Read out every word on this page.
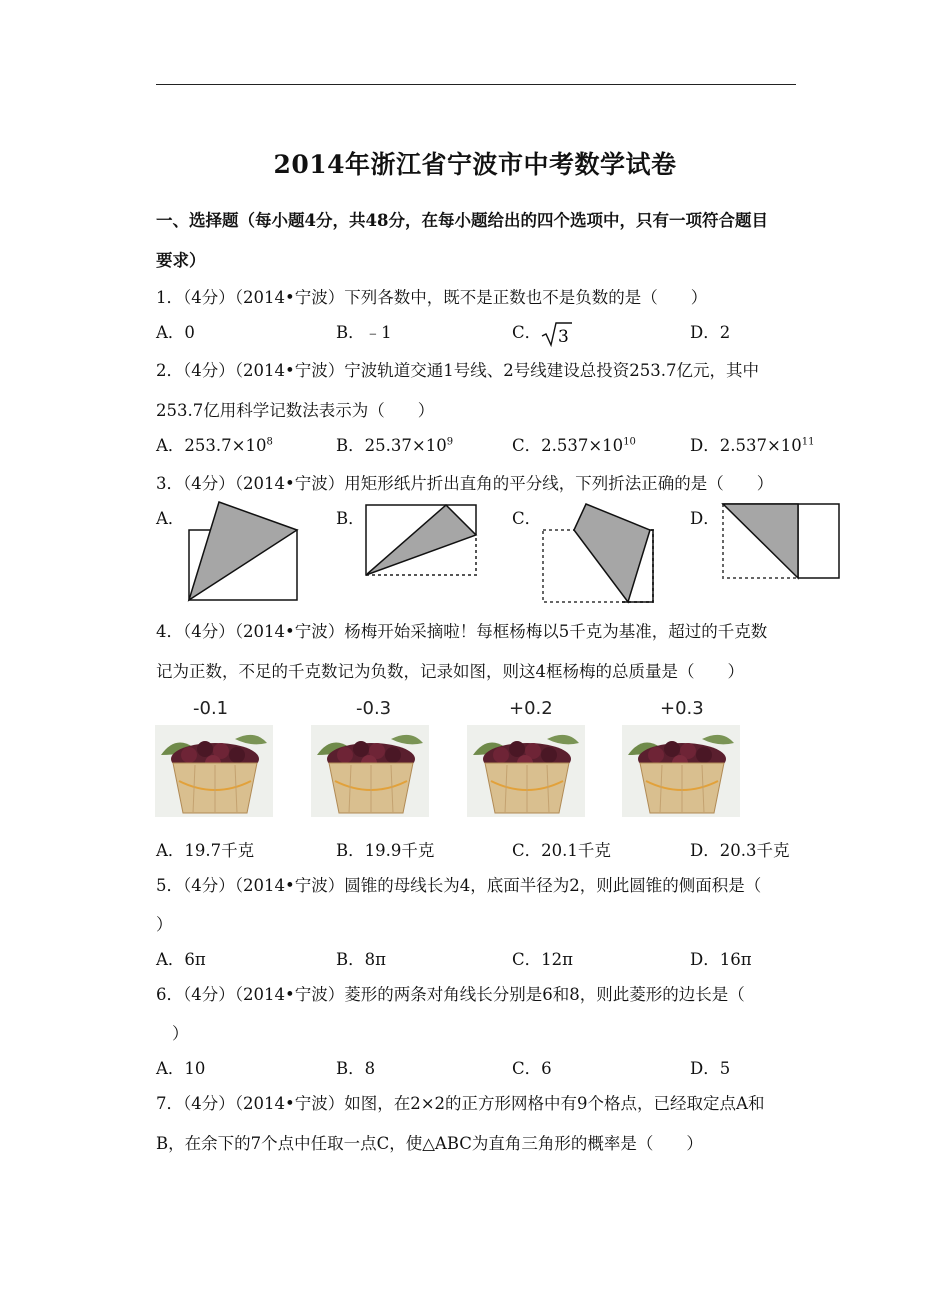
2014年浙江省宁波市中考数学试卷
一、选择题（每小题4分，共48分，在每小题给出的四个选项中，只有一项符合题目
要求）
1．（4分）（2014•宁波）下列各数中，既不是正数也不是负数的是（　　）
A．0	B．﹣1	C． 3	D．2
2．（4分）（2014•宁波）宁波轨道交通1号线、2号线建设总投资253.7亿元，其中
253.7亿用科学记数法表示为（　　）
A．$253.7\times 10^8$	B．$25.37\times 10^9$	C．$2.537\times 10^{10}$	D．$2.537\times 10^{11}$
3．（4分）（2014•宁波）用矩形纸片折出直角的平分线，下列折法正确的是（　　）
A．	B．	C．	D．
4．（4分）（2014•宁波）杨梅开始采摘啦！每框杨梅以5千克为基准，超过的千克数
记为正数，不足的千克数记为负数，记录如图，则这4框杨梅的总质量是（　　）
-0.1	-0.3	+0.2	+0.3
A．19.7千克	B．19.9千克	C．20.1千克	D．20.3千克
5．（4分）（2014•宁波）圆锥的母线长为4，底面半径为2，则此圆锥的侧面积是（
）
A．6π	B．8π	C．12π	D．16π
6．（4分）（2014•宁波）菱形的两条对角线长分别是6和8，则此菱形的边长是（
）
A．10	B．8	C．6	D．5
7．（4分）（2014•宁波）如图，在2×2的正方形网格中有9个格点，已经取定点A和
B，在余下的7个点中任取一点C，使△ABC为直角三角形的概率是（　　）
